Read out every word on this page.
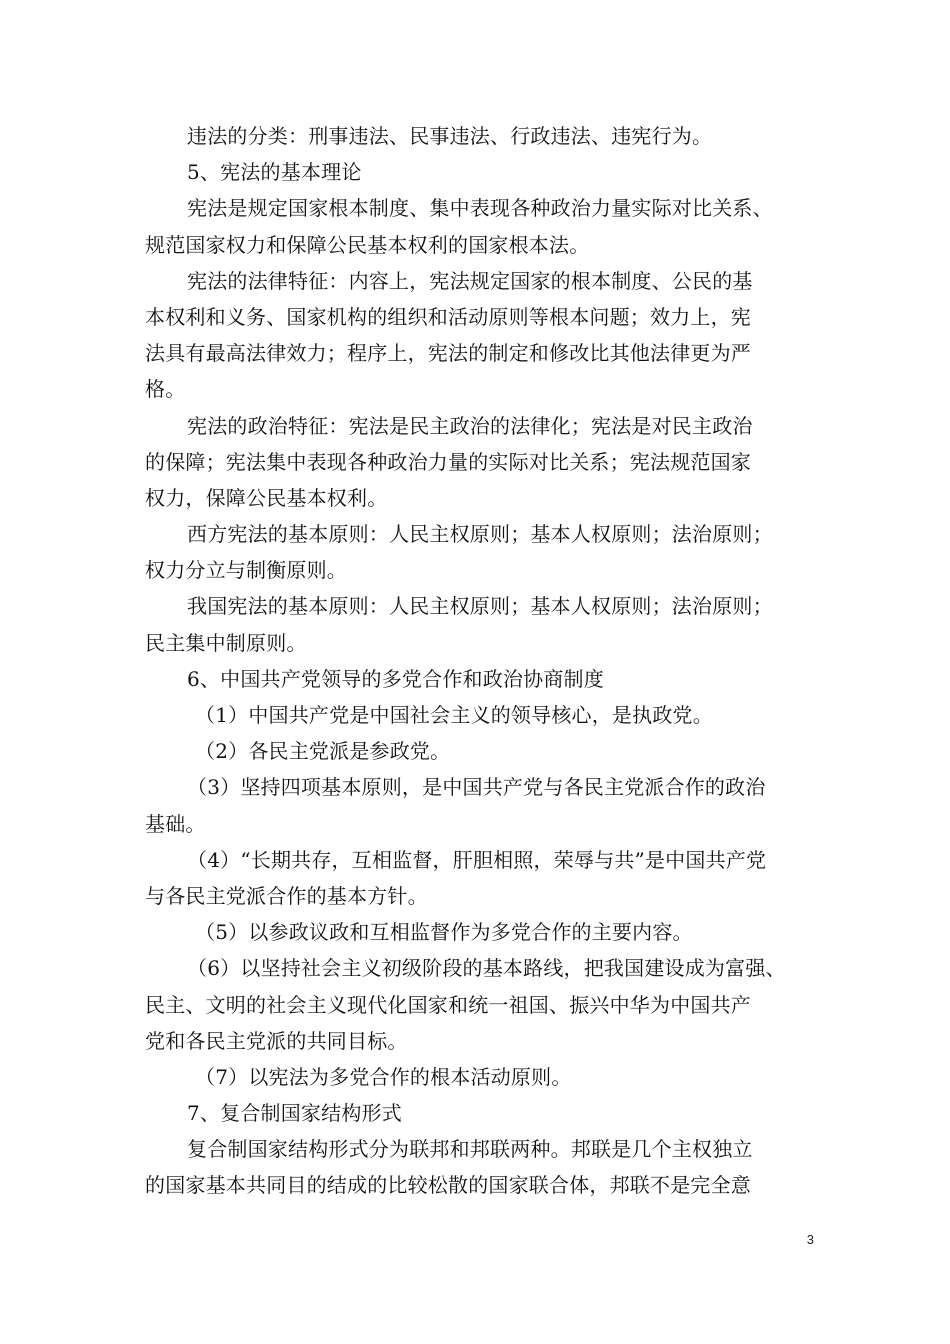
违法的分类：刑事违法、民事违法、行政违法、违宪行为。
5、宪法的基本理论
宪法是规定国家根本制度、集中表现各种政治力量实际对比关系、
规范国家权力和保障公民基本权利的国家根本法。
宪法的法律特征：内容上，宪法规定国家的根本制度、公民的基
本权利和义务、国家机构的组织和活动原则等根本问题；效力上，宪
法具有最高法律效力；程序上，宪法的制定和修改比其他法律更为严
格。
宪法的政治特征：宪法是民主政治的法律化；宪法是对民主政治
的保障；宪法集中表现各种政治力量的实际对比关系；宪法规范国家
权力，保障公民基本权利。
西方宪法的基本原则：人民主权原则；基本人权原则；法治原则；
权力分立与制衡原则。
我国宪法的基本原则：人民主权原则；基本人权原则；法治原则；
民主集中制原则。
6、中国共产党领导的多党合作和政治协商制度
（1）中国共产党是中国社会主义的领导核心，是执政党。
（2）各民主党派是参政党。
（3）坚持四项基本原则，是中国共产党与各民主党派合作的政治
基础。
（4）“长期共存，互相监督，肝胆相照，荣辱与共”是中国共产党
与各民主党派合作的基本方针。
（5）以参政议政和互相监督作为多党合作的主要内容。
（6）以坚持社会主义初级阶段的基本路线，把我国建设成为富强、
民主、文明的社会主义现代化国家和统一祖国、振兴中华为中国共产
党和各民主党派的共同目标。
（7）以宪法为多党合作的根本活动原则。
7、复合制国家结构形式
复合制国家结构形式分为联邦和邦联两种。邦联是几个主权独立
的国家基本共同目的结成的比较松散的国家联合体，邦联不是完全意
3
